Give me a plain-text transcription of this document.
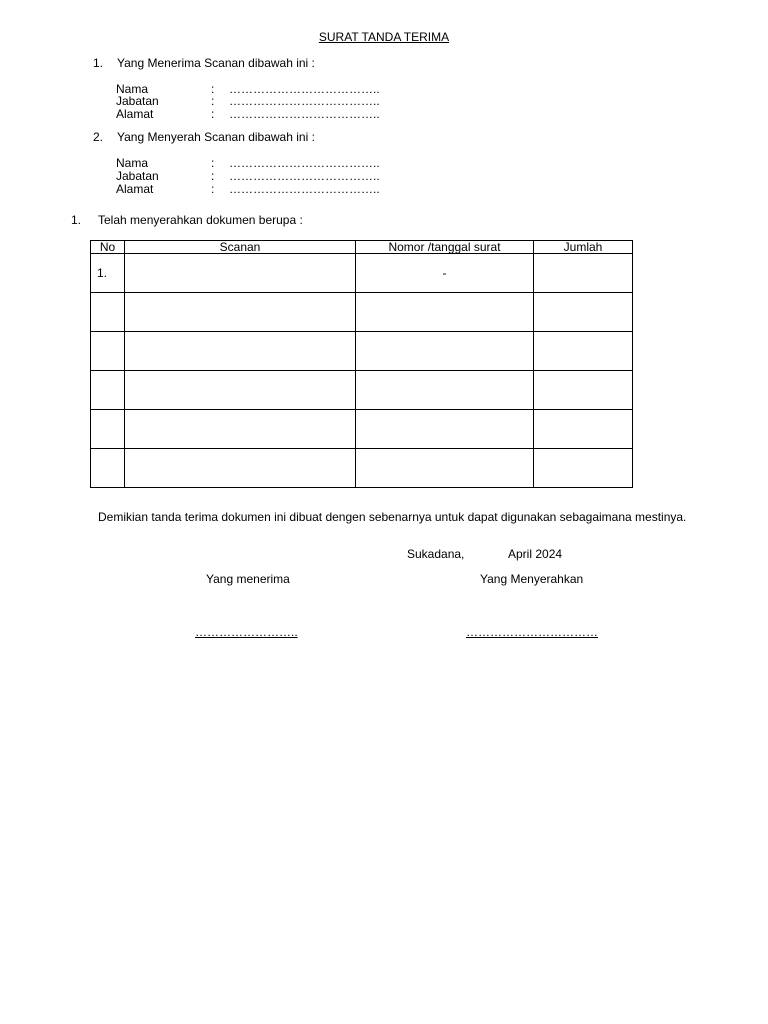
SURAT TANDA TERIMA
1.	Yang Menerima Scanan dibawah ini :
Nama	: ………………………………..
Jabatan	: ………………………………..
Alamat	: ………………………………..
2.	Yang Menyerah Scanan dibawah ini :
Nama	: ………………………………..
Jabatan	: ………………………………..
Alamat	: ………………………………..
1.	Telah menyerahkan dokumen berupa :
No	Scanan	Nomor /tanggal surat	Jumlah
1.		-	

Demikian tanda terima dokumen ini dibuat dengen sebenarnya untuk dapat digunakan sebagaimana mestinya.
Sukadana,	April 2024
Yang menerima	Yang Menyerahkan
……………………..	……………………………
